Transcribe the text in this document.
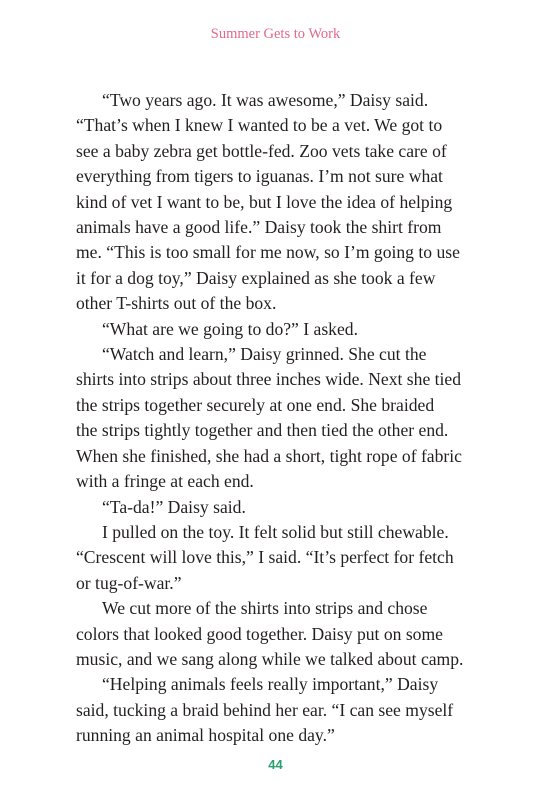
Summer Gets to Work

“Two years ago. It was awesome,” Daisy said.
“That’s when I knew I wanted to be a vet. We got to
see a baby zebra get bottle-fed. Zoo vets take care of
everything from tigers to iguanas. I’m not sure what
kind of vet I want to be, but I love the idea of helping
animals have a good life.” Daisy took the shirt from
me. “This is too small for me now, so I’m going to use
it for a dog toy,” Daisy explained as she took a few
other T-shirts out of the box.

“What are we going to do?” I asked.

“Watch and learn,” Daisy grinned. She cut the
shirts into strips about three inches wide. Next she tied
the strips together securely at one end. She braided
the strips tightly together and then tied the other end.
When she finished, she had a short, tight rope of fabric
with a fringe at each end.

“Ta-da!” Daisy said.

I pulled on the toy. It felt solid but still chewable.
“Crescent will love this,” I said. “It’s perfect for fetch
or tug-of-war.”

We cut more of the shirts into strips and chose
colors that looked good together. Daisy put on some
music, and we sang along while we talked about camp.

“Helping animals feels really important,” Daisy
said, tucking a braid behind her ear. “I can see myself
running an animal hospital one day.”

44
